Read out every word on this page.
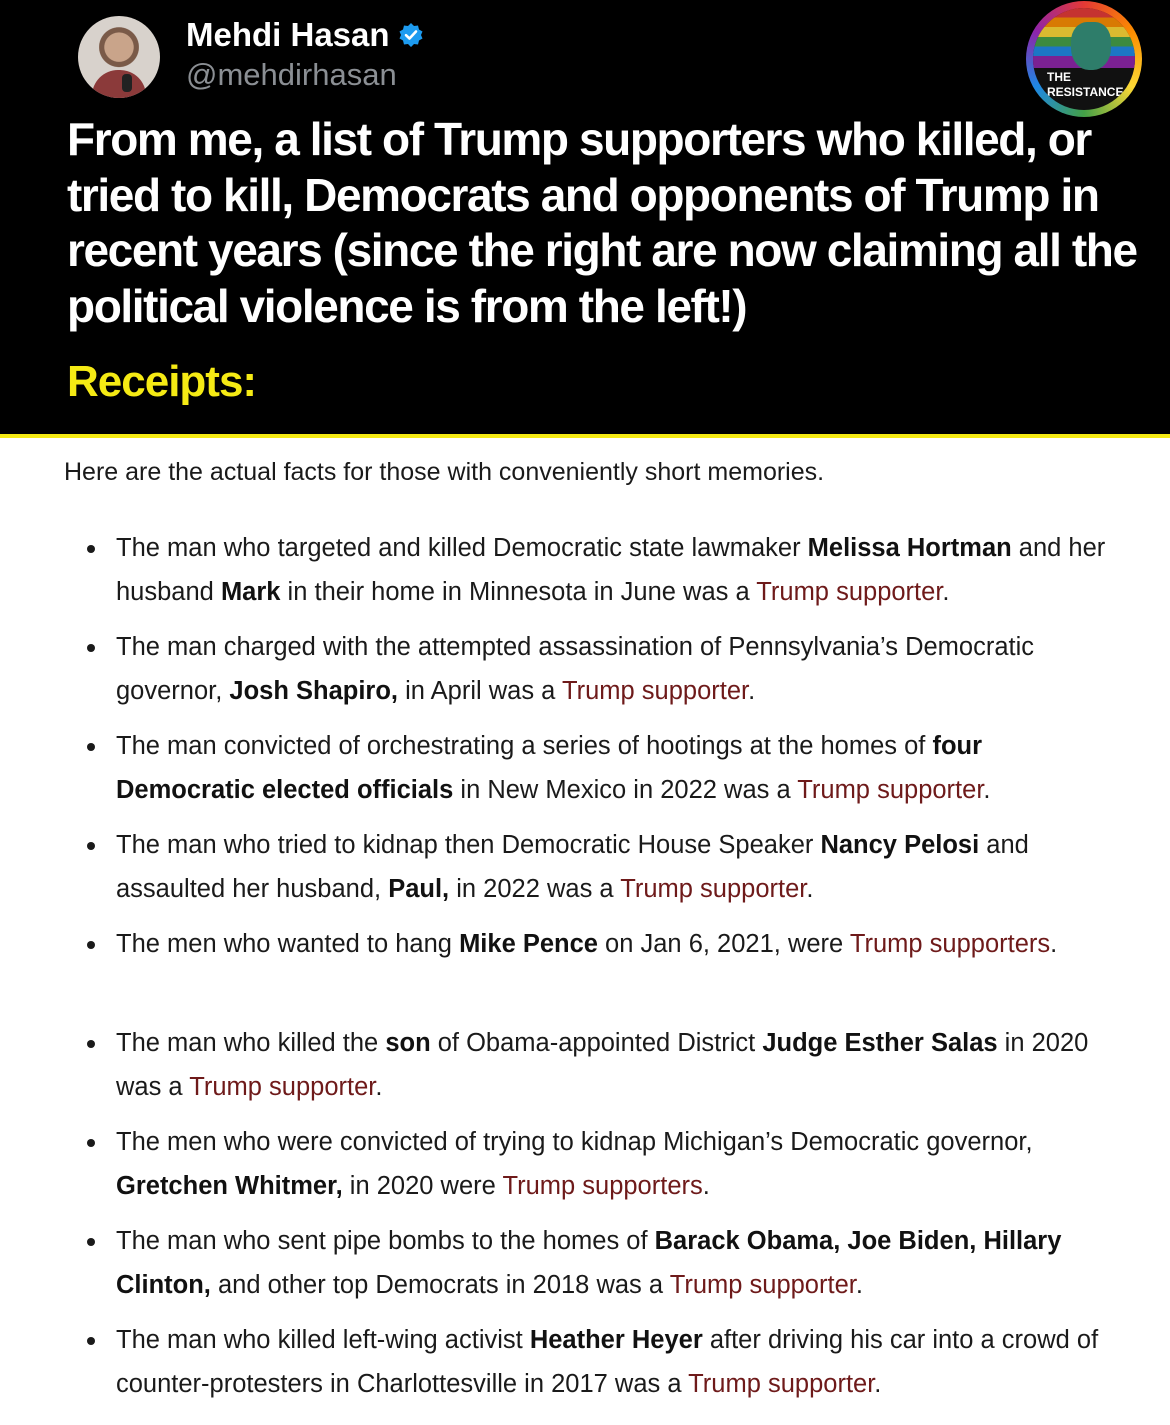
Mehdi Hasan
@mehdirhasan	THE
RESISTANCE

From me, a list of Trump supporters who killed, or tried to kill, Democrats and opponents of Trump in recent years (since the right are now claiming all the political violence is from the left!)

Receipts:

Here are the actual facts for those with conveniently short memories.

The man who targeted and killed Democratic state lawmaker Melissa Hortman and her husband Mark in their home in Minnesota in June was a Trump supporter.
The man charged with the attempted assassination of Pennsylvania’s Democratic governor, Josh Shapiro, in April was a Trump supporter.
The man convicted of orchestrating a series of hootings at the homes of four Democratic elected officials in New Mexico in 2022 was a Trump supporter.
The man who tried to kidnap then Democratic House Speaker Nancy Pelosi and assaulted her husband, Paul, in 2022 was a Trump supporter.
The men who wanted to hang Mike Pence on Jan 6, 2021, were Trump supporters.
The man who killed the son of Obama-appointed District Judge Esther Salas in 2020 was a Trump supporter.
The men who were convicted of trying to kidnap Michigan’s Democratic governor, Gretchen Whitmer, in 2020 were Trump supporters.
The man who sent pipe bombs to the homes of Barack Obama, Joe Biden, Hillary Clinton, and other top Democrats in 2018 was a Trump supporter.
The man who killed left-wing activist Heather Heyer after driving his car into a crowd of counter-protesters in Charlottesville in 2017 was a Trump supporter.
